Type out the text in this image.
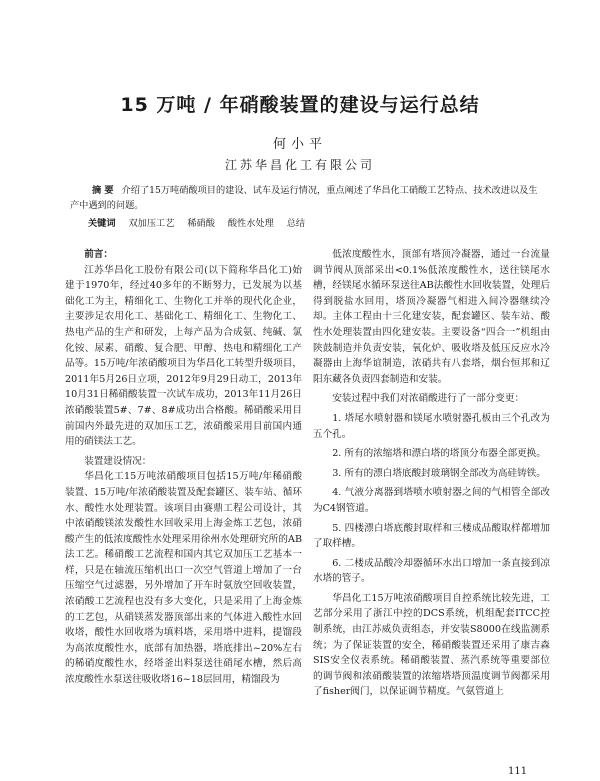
15 万吨 / 年硝酸装置的建设与运行总结
何小平
江苏华昌化工有限公司
摘 要 介绍了15万吨硝酸项目的建设、试车及运行情况，重点阐述了华昌化工硝酸工艺特点、技术改进以及生产中遇到的问题。
关键词 双加压工艺 稀硝酸 酸性水处理 总结

前言：

江苏华昌化工股份有限公司(以下简称华昌化工)始建于1970年，经过40多年的不断努力，已发展为以基础化工为主，精细化工、生物化工并举的现代化企业，主要涉足农用化工、基础化工、精细化工、生物化工、热电产品的生产和研发，上每产品为合成氨、纯碱、氯化铵、尿素、硝酸、复合肥、甲醇、热电和精细化工产品等。15万吨/年浓硝酸项目为华昌化工转型升级项目，2011年5月26日立项，2012年9月29日动工，2013年10月31日稀硝酸装置一次试车成功，2013年11月26日浓硝酸装置5#、7#、8#成功出合格酸。稀硝酸采用目前国内外最先进的双加压工艺，浓硝酸采用目前国内通用的硝镁法工艺。

装置建设情况：

华昌化工15万吨浓硝酸项目包括15万吨/年稀硝酸装置、15万吨/年浓硝酸装置及配套罐区、装车站、循环水、酸性水处理装置。该项目由赛鼎工程公司设计，其中浓硝酸镁浓发酸性水回收采用上海金炼工艺包，浓硝酸产生的低浓度酸性水处理采用徐州水处理研究所的AB法工艺。稀硝酸工艺流程和国内其它双加压工艺基本一样，只是在轴流压缩机出口一次空气管道上增加了一台压缩空气过滤器，另外增加了开车时氨放空回收装置，浓硝酸工艺流程也没有多大变化，只是采用了上海金炼的工艺包，从硝镁蒸发器顶部出来的气体进入酸性水回收塔，酸性水回收塔为填料塔，采用塔中进料，提馏段为高浓度酸性水，底部有加热器，塔底排出~20%左右的稀硝度酸性水，经塔釜出料泵送往硝尾水槽，然后高浓度酸性水泵送往吸收塔16~18层回用，精馏段为

低浓度酸性水，顶部有塔顶冷凝器，通过一台流量调节阀从顶部采出<0.1%低浓度酸性水，送往镁尾水槽，经镁尾水循环泵送往AB法酸性水回收装置，处理后得到脱盐水回用，塔顶冷凝器气相进入间冷器继续冷却。主体工程由十三化建安装，配套罐区、装车站、酸性水处理装置由四化建安装。主要设备“四合一”机组由陕鼓制造并负责安装，氧化炉、吸收塔及低压反应水冷凝器由上海华谊制造，浓硝共有八套塔，烟台恒邦和辽阳东藏各负责四套制造和安装。

安装过程中我们对浓硝酸进行了一部分变更：

1. 塔尾水喷射器和镁尾水喷射器孔板由三个孔改为五个孔。
2. 所有的浓缩塔和漂白塔的塔顶分布器全部更换。
3. 所有的漂白塔底酸封玻璃钢全部改为高硅铸铁。
4. 气液分离器到塔喷水喷射器之间的气相管全部改为C4钢管道。
5. 四楼漂白塔底酸封取样和三楼成品酸取样都增加了取样槽。
6. 二楼成品酸冷却器循环水出口增加一条直接到凉水塔的管子。

华昌化工15万吨浓硝酸项目自控系统比较先进，工艺部分采用了浙江中控的DCS系统，机组配套ITCC控制系统，由江苏威负责组态，并安装S8000在线监测系统；为了保证装置的安全，稀硝酸装置还采用了康吉森SIS安全仪表系统。稀硝酸装置、蒸汽系统等重要部位的调节阀和浓硝酸装置的浓缩塔塔顶温度调节阀都采用了fisher阀门，以保证调节精度。气氨管道上

111
